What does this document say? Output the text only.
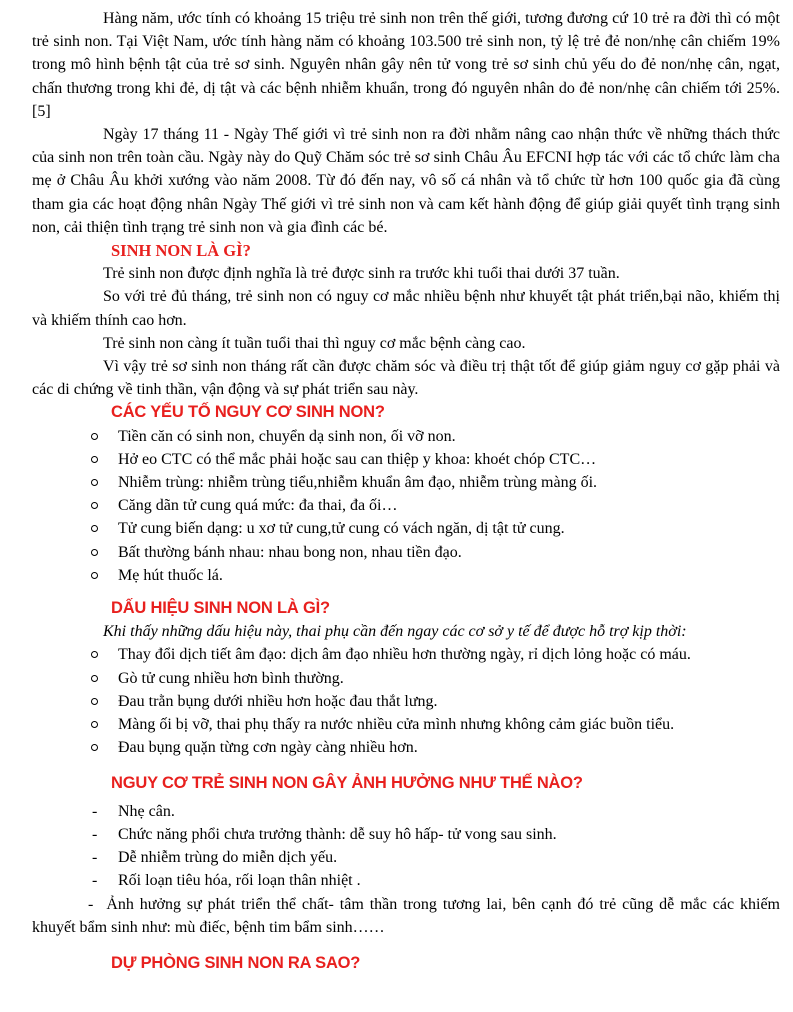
Hàng năm, ước tính có khoảng 15 triệu trẻ sinh non trên thế giới, tương đương cứ 10 trẻ ra đời thì có một trẻ sinh non. Tại Việt Nam, ước tính hàng năm có khoảng 103.500 trẻ sinh non, tỷ lệ trẻ đẻ non/nhẹ cân chiếm 19% trong mô hình bệnh tật của trẻ sơ sinh. Nguyên nhân gây nên tử vong trẻ sơ sinh chủ yếu do đẻ non/nhẹ cân, ngạt, chấn thương trong khi đẻ, dị tật và các bệnh nhiễm khuẩn, trong đó nguyên nhân do đẻ non/nhẹ cân chiếm tới 25%. [5]

Ngày 17 tháng 11 - Ngày Thế giới vì trẻ sinh non ra đời nhằm nâng cao nhận thức về những thách thức của sinh non trên toàn cầu. Ngày này do Quỹ Chăm sóc trẻ sơ sinh Châu Âu EFCNI hợp tác với các tổ chức làm cha mẹ ở Châu Âu khởi xướng vào năm 2008. Từ đó đến nay, vô số cá nhân và tổ chức từ hơn 100 quốc gia đã cùng tham gia các hoạt động nhân Ngày Thế giới vì trẻ sinh non và cam kết hành động để giúp giải quyết tình trạng sinh non, cải thiện tình trạng trẻ sinh non và gia đình các bé.

SINH NON LÀ GÌ?

Trẻ sinh non được định nghĩa là trẻ được sinh ra trước khi tuổi thai dưới 37 tuần.

So với trẻ đủ tháng, trẻ sinh non có nguy cơ mắc nhiều bệnh như khuyết tật phát triển,bại não, khiếm thị và khiếm thính cao hơn.

Trẻ sinh non càng ít tuần tuổi thai thì nguy cơ mắc bệnh càng cao.

Vì vậy trẻ sơ sinh non tháng rất cần được chăm sóc và điều trị thật tốt để giúp giảm nguy cơ gặp phải và các di chứng về tinh thần, vận động và sự phát triển sau này.

CÁC YẾU TỐ NGUY CƠ SINH NON?
Tiền căn có sinh non, chuyển dạ sinh non, ối vỡ non.
Hở eo CTC có thể mắc phải hoặc sau can thiệp y khoa: khoét chóp CTC…
Nhiễm trùng: nhiễm trùng tiểu,nhiễm khuẩn âm đạo, nhiễm trùng màng ối.
Căng dãn tử cung quá mức: đa thai, đa ối…
Tử cung biến dạng: u xơ tử cung,tử cung có vách ngăn, dị tật tử cung.
Bất thường bánh nhau: nhau bong non, nhau tiền đạo.
Mẹ hút thuốc lá.
DẤU HIỆU SINH NON LÀ GÌ?

Khi thấy những dấu hiệu này, thai phụ cần đến ngay các cơ sở y tế để được hỗ trợ kịp thời:

Thay đổi dịch tiết âm đạo: dịch âm đạo nhiều hơn thường ngày, rỉ dịch lỏng hoặc có máu.
Gò tử cung nhiều hơn bình thường.
Đau trằn bụng dưới nhiều hơn hoặc đau thắt lưng.
Màng ối bị vỡ, thai phụ thấy ra nước nhiều cửa mình nhưng không cảm giác buồn tiểu.
Đau bụng quặn từng cơn ngày càng nhiều hơn.
NGUY CƠ TRẺ SINH NON GÂY ẢNH HƯỞNG NHƯ THẾ NÀO?
- Nhẹ cân.
- Chức năng phổi chưa trưởng thành: dễ suy hô hấp- tử vong sau sinh.
- Dễ nhiễm trùng do miễn dịch yếu.
- Rối loạn tiêu hóa, rối loạn thân nhiệt .

- Ảnh hưởng sự phát triển thể chất- tâm thần trong tương lai, bên cạnh đó trẻ cũng dễ mắc các khiếm khuyết bẩm sinh như: mù điếc, bệnh tim bẩm sinh……

DỰ PHÒNG SINH NON RA SAO?
